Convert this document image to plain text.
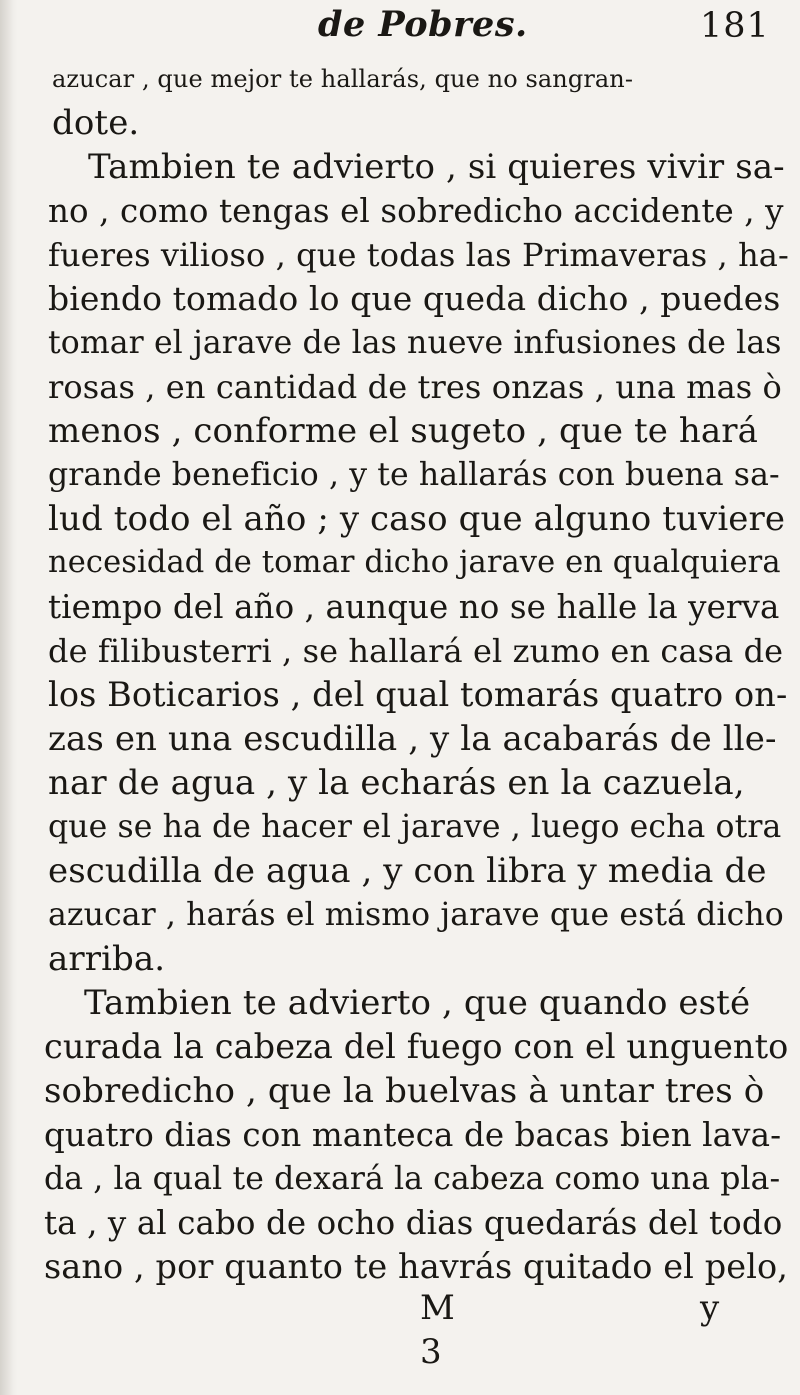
de Pobres.	181
azucar , que mejor te hallarás, que no sangran-
dote.
Tambien te advierto , si quieres vivir sa-
no , como tengas el sobredicho accidente , y
fueres vilioso , que todas las Primaveras , ha-
biendo tomado lo que queda dicho , puedes
tomar el jarave de las nueve infusiones de las
rosas , en cantidad de tres onzas , una mas ò
menos , conforme el sugeto , que te hará
grande beneficio , y te hallarás con buena sa-
lud todo el año ; y caso que alguno tuviere
necesidad de tomar dicho jarave en qualquiera
tiempo del año , aunque no se halle la yerva
de filibusterri , se hallará el zumo en casa de
los Boticarios , del qual tomarás quatro on-
zas en una escudilla , y la acabarás de lle-
nar de agua , y la echarás en la cazuela,
que se ha de hacer el jarave , luego echa otra
escudilla de agua , y con libra y media de
azucar , harás el mismo jarave que está dicho
arriba.
Tambien te advierto , que quando esté
curada la cabeza del fuego con el unguento
sobredicho , que la buelvas à untar tres ò
quatro dias con manteca de bacas bien lava-
da , la qual te dexará la cabeza como una pla-
ta , y al cabo de ocho dias quedarás del todo
sano , por quanto te havrás quitado el pelo,
M 3
y
